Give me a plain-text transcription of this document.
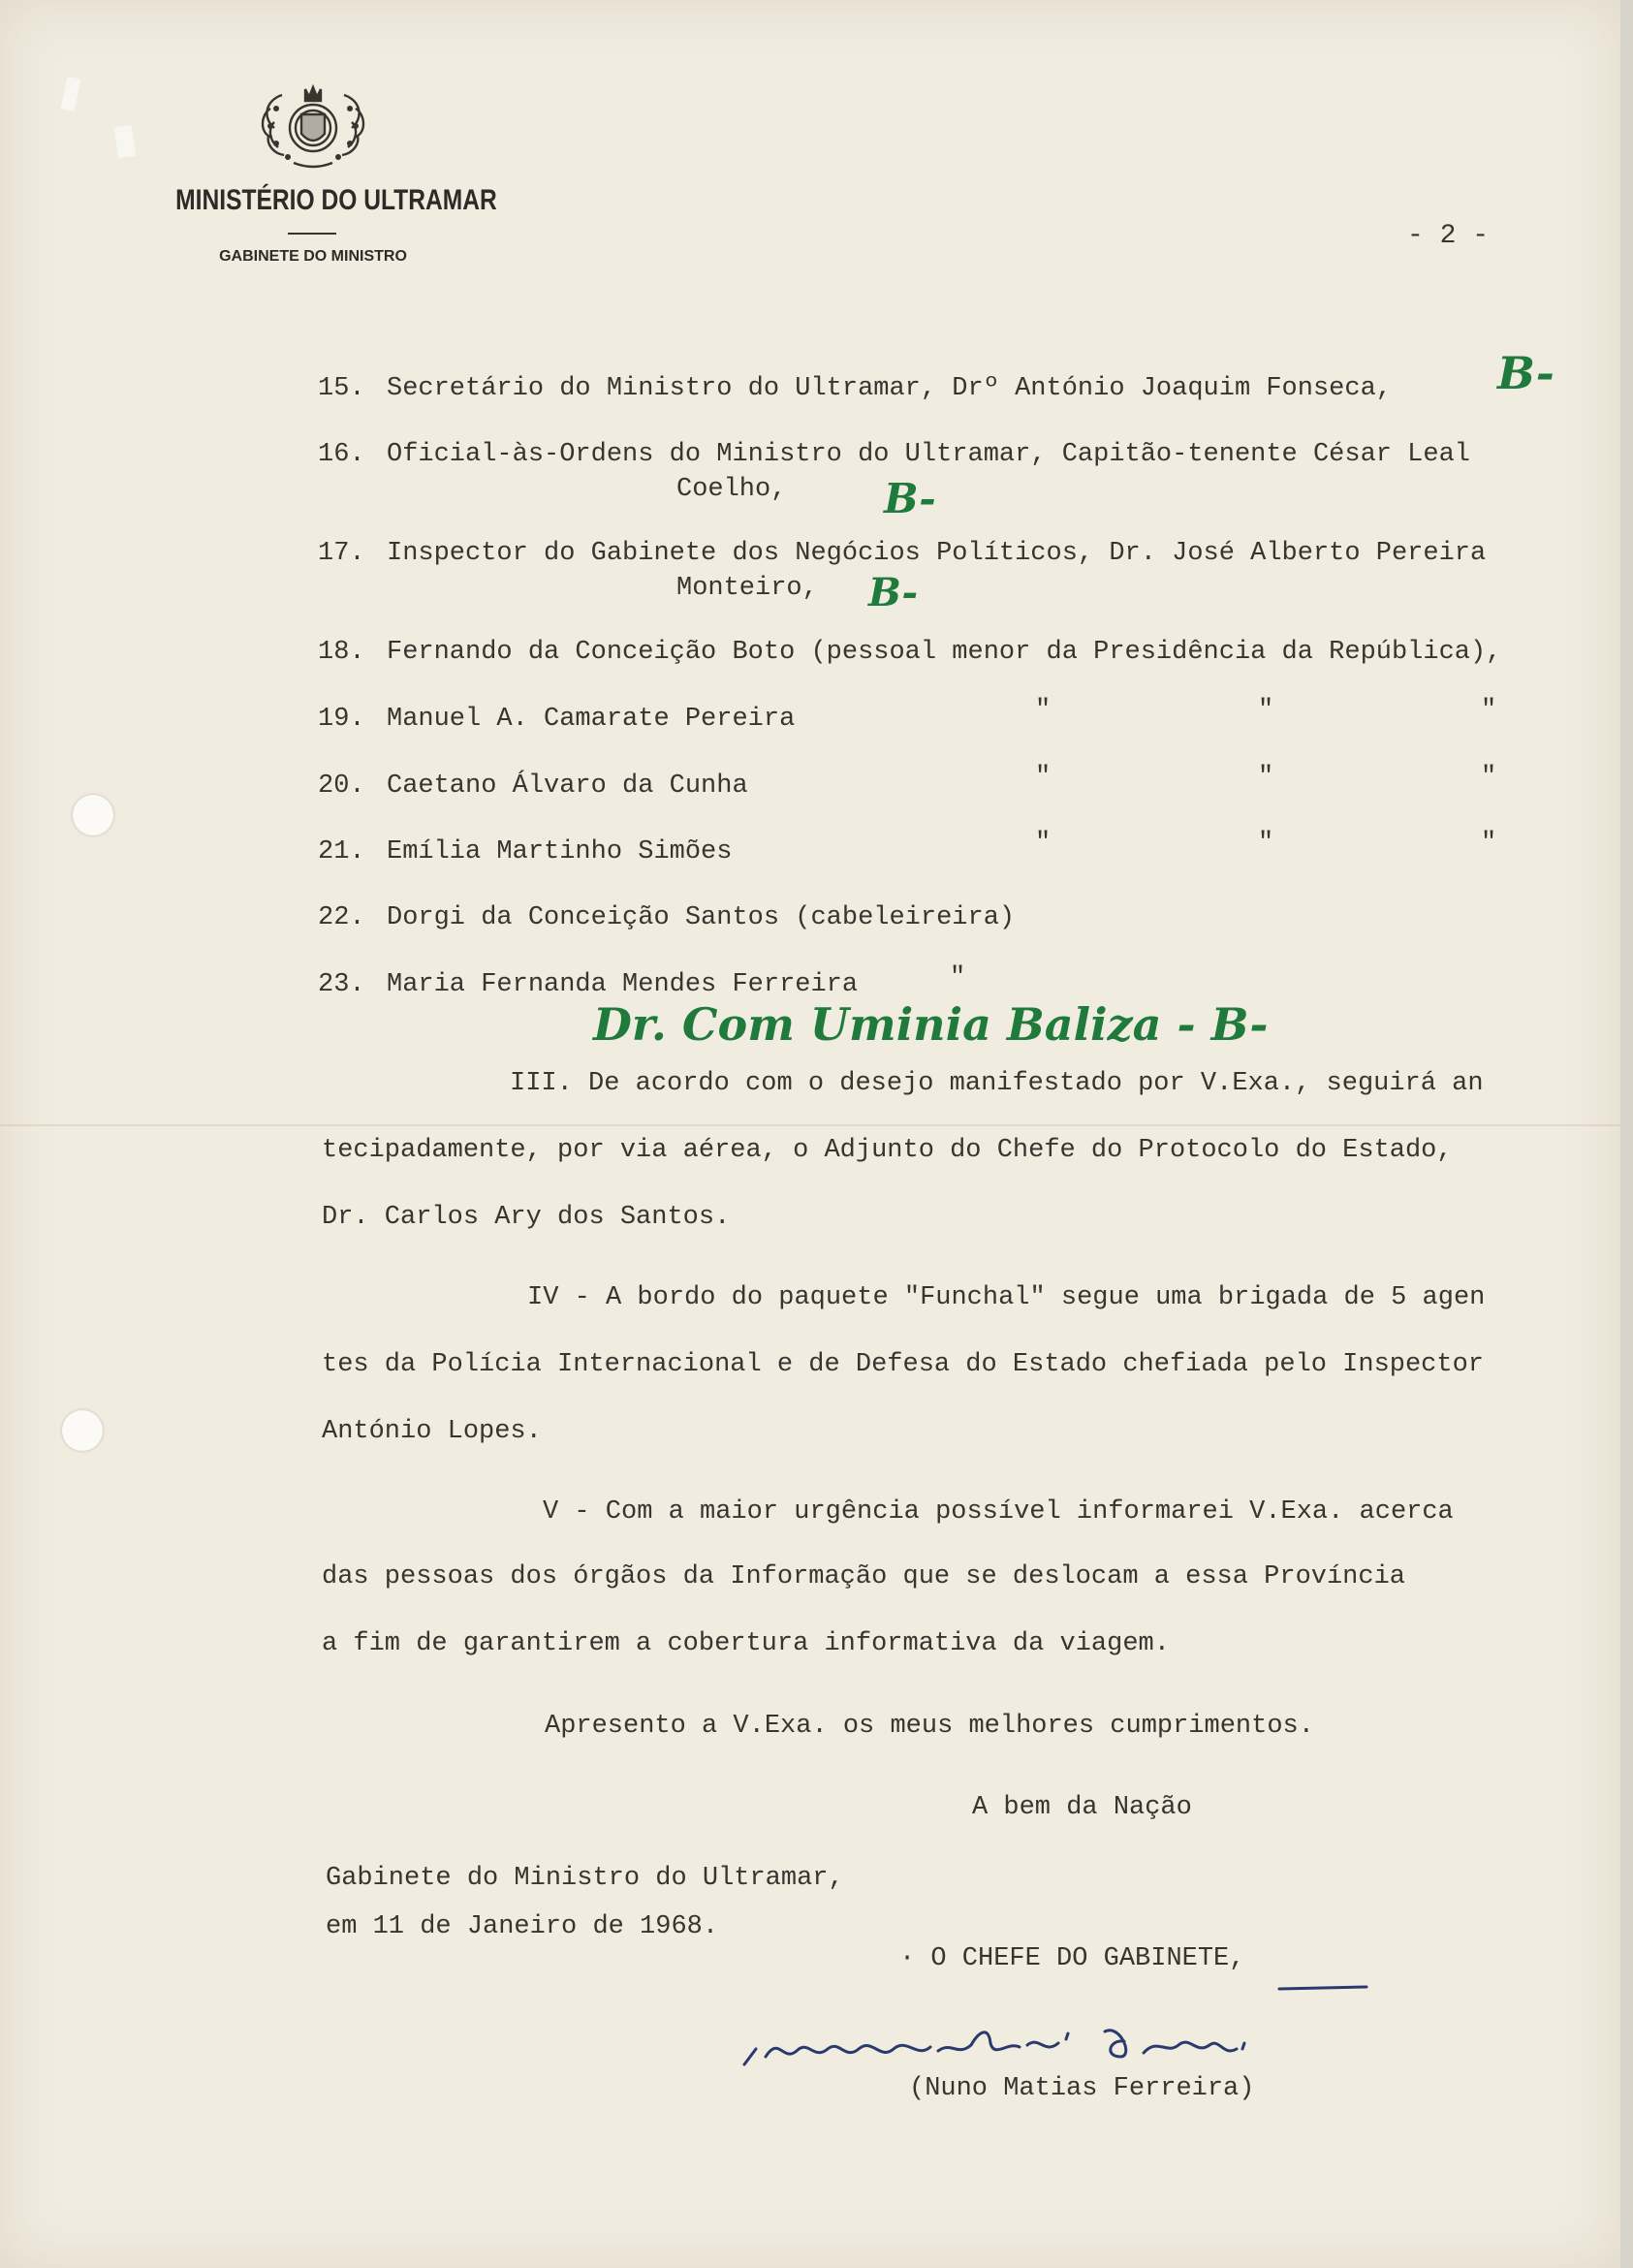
MINISTÉRIO DO ULTRAMAR
GABINETE DO MINISTRO
- 2 -
15. Secretário do Ministro do Ultramar, Drº António Joaquim Fonseca, B-
16. Oficial-às-Ordens do Ministro do Ultramar, Capitão-tenente César Leal
Coelho, B-
17. Inspector do Gabinete dos Negócios Políticos, Dr. José Alberto Pereira
Monteiro, B-
18. Fernando da Conceição Boto (pessoal menor da Presidência da República),
19. Manuel A. Camarate Pereira	"	"	"
20. Caetano Álvaro da Cunha	"	"	"
21. Emília Martinho Simões	"	"	"
22. Dorgi da Conceição Santos (cabeleireira)
23. Maria Fernanda Mendes Ferreira	"
Dr. Com Uminia Baliza - B-
III. De acordo com o desejo manifestado por V.Exa., seguirá an
tecipadamente, por via aérea, o Adjunto do Chefe do Protocolo do Estado,
Dr. Carlos Ary dos Santos.
IV - A bordo do paquete "Funchal" segue uma brigada de 5 agen
tes da Polícia Internacional e de Defesa do Estado chefiada pelo Inspector
António Lopes.
V - Com a maior urgência possível informarei V.Exa. acerca
das pessoas dos órgãos da Informação que se deslocam a essa Província
a fim de garantirem a cobertura informativa da viagem.
Apresento a V.Exa. os meus melhores cumprimentos.
A bem da Nação
Gabinete do Ministro do Ultramar,
em 11 de Janeiro de 1968.
· O CHEFE DO GABINETE,
(Nuno Matias Ferreira)
